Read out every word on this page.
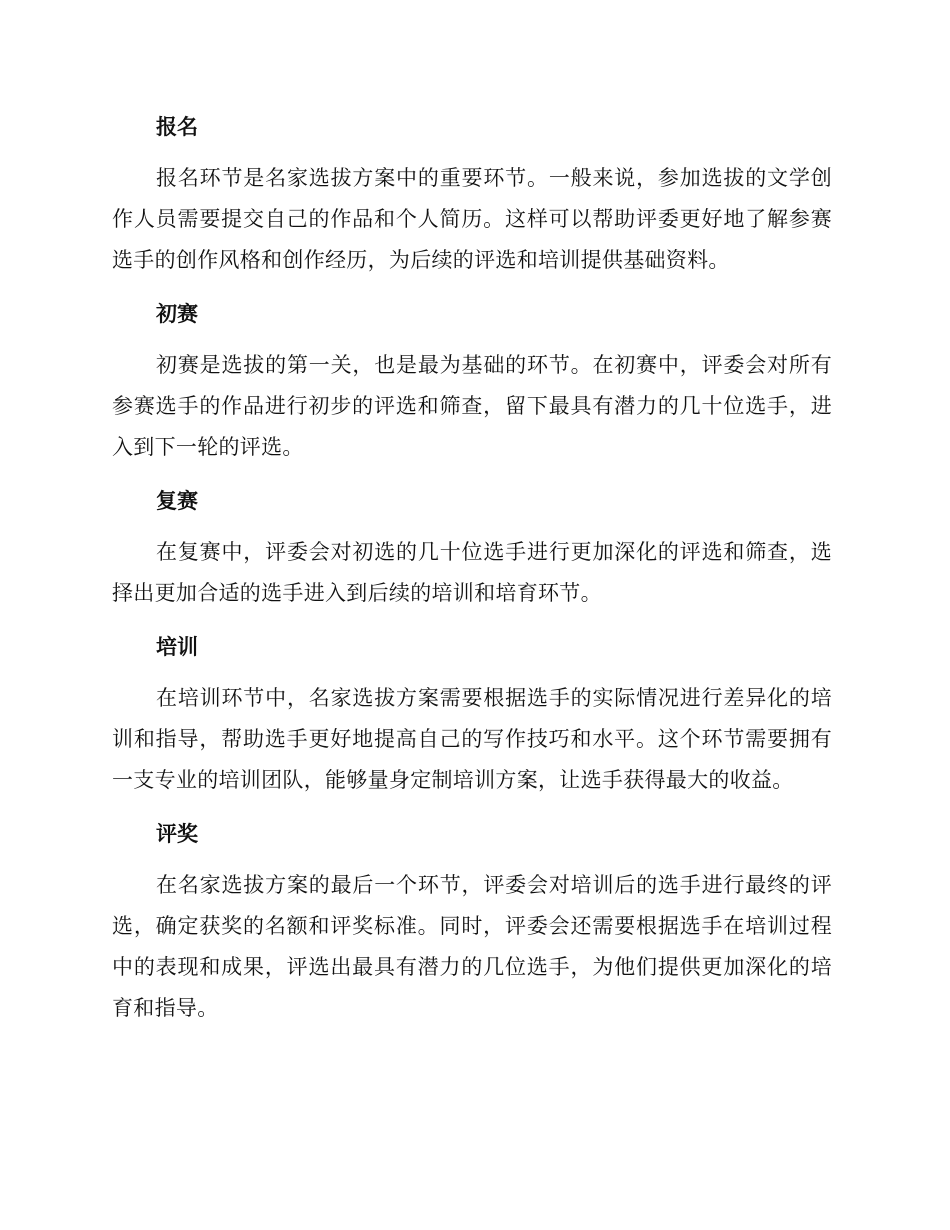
报名

报名环节是名家选拔方案中的重要环节。一般来说，参加选拔的文学创作人员需要提交自己的作品和个人简历。这样可以帮助评委更好地了解参赛选手的创作风格和创作经历，为后续的评选和培训提供基础资料。

初赛

初赛是选拔的第一关，也是最为基础的环节。在初赛中，评委会对所有参赛选手的作品进行初步的评选和筛查，留下最具有潜力的几十位选手，进入到下一轮的评选。

复赛

在复赛中，评委会对初选的几十位选手进行更加深化的评选和筛查，选择出更加合适的选手进入到后续的培训和培育环节。

培训

在培训环节中，名家选拔方案需要根据选手的实际情况进行差异化的培训和指导，帮助选手更好地提高自己的写作技巧和水平。这个环节需要拥有一支专业的培训团队，能够量身定制培训方案，让选手获得最大的收益。

评奖

在名家选拔方案的最后一个环节，评委会对培训后的选手进行最终的评选，确定获奖的名额和评奖标准。同时，评委会还需要根据选手在培训过程中的表现和成果，评选出最具有潜力的几位选手，为他们提供更加深化的培育和指导。
